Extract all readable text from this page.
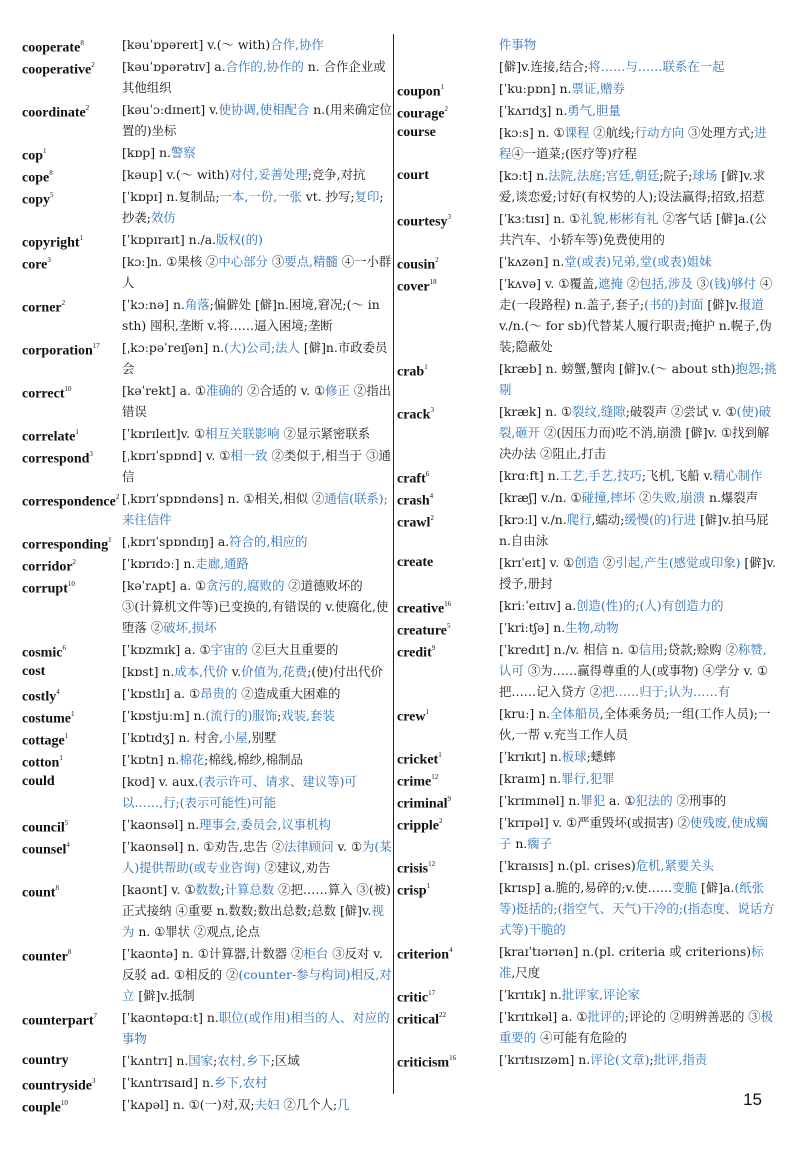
cooperate$^8$	[kəuˈɒpəreɪt] v.(～ with)合作,协作
cooperative$^2$ [kəuˈɒpərətɪv] a.合作的,协作的 n. 合作企业或其他组织
coordinate$^2$	[kəuˈɔːdɪneɪt] v.使协调,使相配合 n.(用来确定位置的)坐标
cop$^1$	[kɒp] n.警察
cope$^8$	[kəup] v.(～ with)对付,妥善处理;竞争,对抗
copy$^5$	[ˈkɒpɪ] n.复制品;一本,一份,一张 vt. 抄写;复印;抄袭;效仿
copyright$^1$	[ˈkɒpɪraɪt] n./a.版权(的)
core$^3$	[kɔː]n. ①果核 ②中心部分 ③要点,精髓 ④一小群人
corner$^2$	[ˈkɔːnə] n.角落;偏僻处 [僻]n.困境,窘况;(～ in sth) 囤积,垄断 v.将……逼入困境;垄断
corporation$^{17}$ [ˌkɔːpəˈreɪʃən] n.(大)公司;法人 [僻]n.市政委员会
correct$^{10}$	[kəˈrekt] a. ①准确的 ②合适的 v. ①修正 ②指出错误
correlate$^1$	[ˈkɒrɪleɪt]v. ①相互关联影响 ②显示紧密联系
correspond$^3$ [ˌkɒrɪˈspɒnd] v. ①相一致 ②类似于,相当于 ③通信
correspondence$^2$ [ˌkɒrɪˈspɒndəns] n. ①相关,相似 ②通信(联系);来往信件
corresponding$^1$ [ˌkɒrɪˈspɒndɪŋ] a.符合的,相应的
corridor$^2$	[ˈkɒrɪdɔː] n.走廊,通路
corrupt$^{10}$	[kəˈrʌpt] a. ①贪污的,腐败的 ②道德败坏的 ③(计算机文件等)已变换的,有错误的 v.使腐化,使堕落 ②破坏,损坏
cosmic$^6$	[ˈkɒzmɪk] a. ①宇宙的 ②巨大且重要的
cost	[kɒst] n.成本,代价 v.价值为,花费;(使)付出代价
costly$^4$	[ˈkɒstlɪ] a. ①昂贵的 ②造成重大困难的
costume$^1$	[ˈkɒstjuːm] n.(流行的)服饰;戏装,套装
cottage$^1$	[ˈkɒtɪdʒ] n. 村舍,小屋,别墅
cotton$^1$	[ˈkɒtn] n.棉花;棉线,棉纱,棉制品
could	[kʊd] v. aux.(表示许可、请求、建议等)可以……,行;(表示可能性)可能
council$^5$	[ˈkaʊnsəl] n.理事会,委员会,议事机构
counsel$^4$	[ˈkaʊnsəl] n. ①劝告,忠告 ②法律顾问 v. ①为(某人)提供帮助(或专业咨询) ②建议,劝告
count$^8$	[kaʊnt] v. ①数数;计算总数 ②把……算入 ③(被)正式接纳 ④重要 n.数数;数出总数;总数 [僻]v.视为 n. ①罪状 ②观点,论点
counter$^8$	[ˈkaʊntə] n. ①计算器,计数器 ②柜台 ③反对 v.反驳 ad. ①相反的 ②(counter-参与构词)相反,对立 [僻]v.抵制
counterpart$^7$ [ˈkaʊntəpɑːt] n.职位(或作用)相当的人、对应的事物
country	[ˈkʌntrɪ] n.国家;农村,乡下;区域
countryside$^3$ [ˈkʌntrɪsaɪd] n.乡下,农村
couple$^{10}$	[ˈkʌpəl] n. ①(一)对,双;夫妇 ②几个人;几
件事物
[僻]v.连接,结合;将……与……联系在一起
coupon$^1$	[ˈkuːpɒn] n.票证,赠券
courage$^2$	[ˈkʌrɪdʒ] n.勇气,胆量
course	[kɔːs] n. ①课程 ②航线;行动方向 ③处理方式;进程④一道菜;(医疗等)疗程
court	[kɔːt] n.法院,法庭;宫廷,朝廷;院子;球场 [僻]v.求爱,谈恋爱;讨好(有权势的人);设法赢得;招致,招惹
courtesy$^3$	[ˈkɜːtɪsɪ] n. ①礼貌,彬彬有礼 ②客气话 [僻]a.(公共汽车、小轿车等)免费使用的
cousin$^2$	[ˈkʌzən] n.堂(或表)兄弟,堂(或表)姐妹
cover$^{18}$	[ˈkʌvə] v. ①覆盖,遮掩 ②包括,涉及 ③(钱)够付 ④走(一段路程) n.盖子,套子;(书的)封面 [僻]v.报道 v./n.(～ for sb)代替某人履行职责;掩护 n.幌子,伪装;隐蔽处
crab$^1$	[kræb] n. 螃蟹,蟹肉 [僻]v.(～ about sth)抱怨;挑剔
crack$^3$	[kræk] n. ①裂纹,缝隙;破裂声 ②尝试 v. ①(使)破裂,砸开 ②(因压力而)吃不消,崩溃 [僻]v. ①找到解决办法 ②阻止,打击
craft$^6$	[krɑːft] n.工艺,手艺,技巧;飞机,飞船 v.精心制作
crash$^4$	[kræʃ] v./n. ①碰撞,摔坏 ②失败,崩溃 n.爆裂声
crawl$^2$	[krɔːl] v./n.爬行,蠕动;缓慢(的)行进 [僻]v.拍马屁 n.自由泳
create	[krɪˈeɪt] v. ①创造 ②引起,产生(感觉或印象) [僻]v.授予,册封
creative$^{16}$	[kriːˈeɪtɪv] a.创造(性)的;(人)有创造力的
creature$^5$	[ˈkriːtʃə] n.生物,动物
credit$^9$	[ˈkredɪt] n./v. 相信 n. ①信用;贷款;赊购 ②称赞,认可 ③为……赢得尊重的人(或事物) ④学分 v. ①把……记入贷方 ②把……归于;认为……有
crew$^1$	[kruː] n.全体船员,全体乘务员;一组(工作人员);一伙,一帮 v.充当工作人员
cricket$^1$	[ˈkrɪkɪt] n.板球;蟋蟀
crime$^{12}$	[kraɪm] n.罪行,犯罪
criminal$^9$	[ˈkrɪmɪnəl] n.罪犯 a. ①犯法的 ②刑事的
cripple$^2$	[ˈkrɪpəl] v. ①严重毁坏(或损害) ②使残废,使成瘸子 n.瘸子
crisis$^{12}$	[ˈkraɪsɪs] n.(pl. crises)危机,紧要关头
crisp$^1$	[krɪsp] a.脆的,易碎的;v.使……变脆 [僻]a.(纸张等)挺括的;(指空气、天气)干冷的;(指态度、说话方式等)干脆的
criterion$^4$	[kraɪˈtɪərɪən] n.(pl. criteria 或 criterions)标准,尺度
critic$^{17}$	[ˈkrɪtɪk] n.批评家,评论家
critical$^{22}$	[ˈkrɪtɪkəl] a. ①批评的;评论的 ②明辨善恶的 ③极重要的 ④可能有危险的
criticism$^{16}$	[ˈkrɪtɪsɪzəm] n.评论(文章);批评,指责
15
